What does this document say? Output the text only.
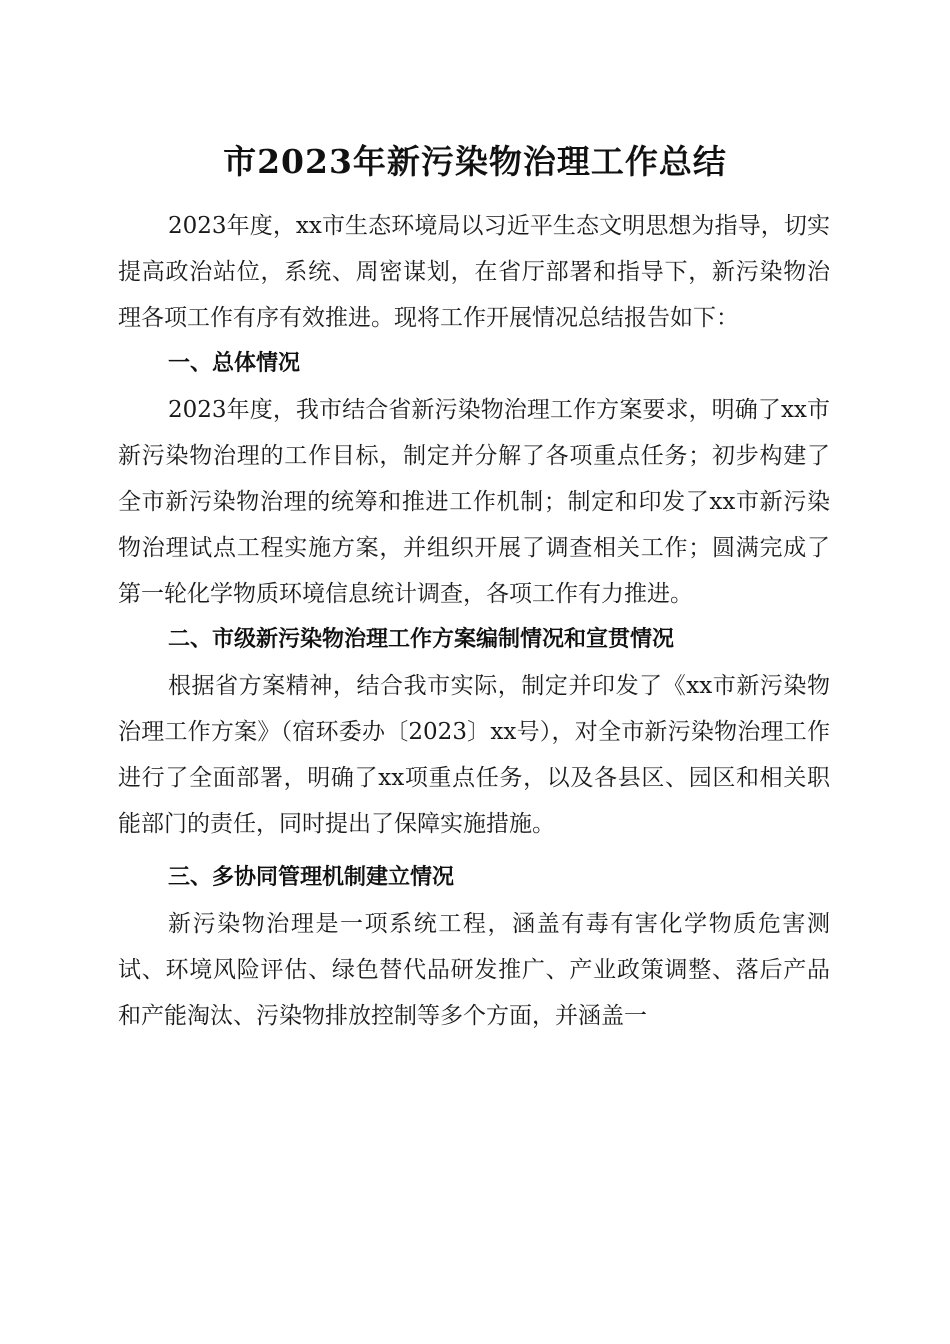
市2023年新污染物治理工作总结

2023年度，xx市生态环境局以习近平生态文明思想为指导，切实提高政治站位，系统、周密谋划，在省厅部署和指导下，新污染物治理各项工作有序有效推进。现将工作开展情况总结报告如下：

一、总体情况

2023年度，我市结合省新污染物治理工作方案要求，明确了xx市新污染物治理的工作目标，制定并分解了各项重点任务；初步构建了全市新污染物治理的统筹和推进工作机制；制定和印发了xx市新污染物治理试点工程实施方案，并组织开展了调查相关工作；圆满完成了第一轮化学物质环境信息统计调查，各项工作有力推进。

二、市级新污染物治理工作方案编制情况和宣贯情况

根据省方案精神，结合我市实际，制定并印发了《xx市新污染物治理工作方案》（宿环委办〔2023〕xx号），对全市新污染物治理工作进行了全面部署，明确了xx项重点任务，以及各县区、园区和相关职能部门的责任，同时提出了保障实施措施。

三、多协同管理机制建立情况

新污染物治理是一项系统工程，涵盖有毒有害化学物质危害测试、环境风险评估、绿色替代品研发推广、产业政策调整、落后产品和产能淘汰、污染物排放控制等多个方面，并涵盖一
